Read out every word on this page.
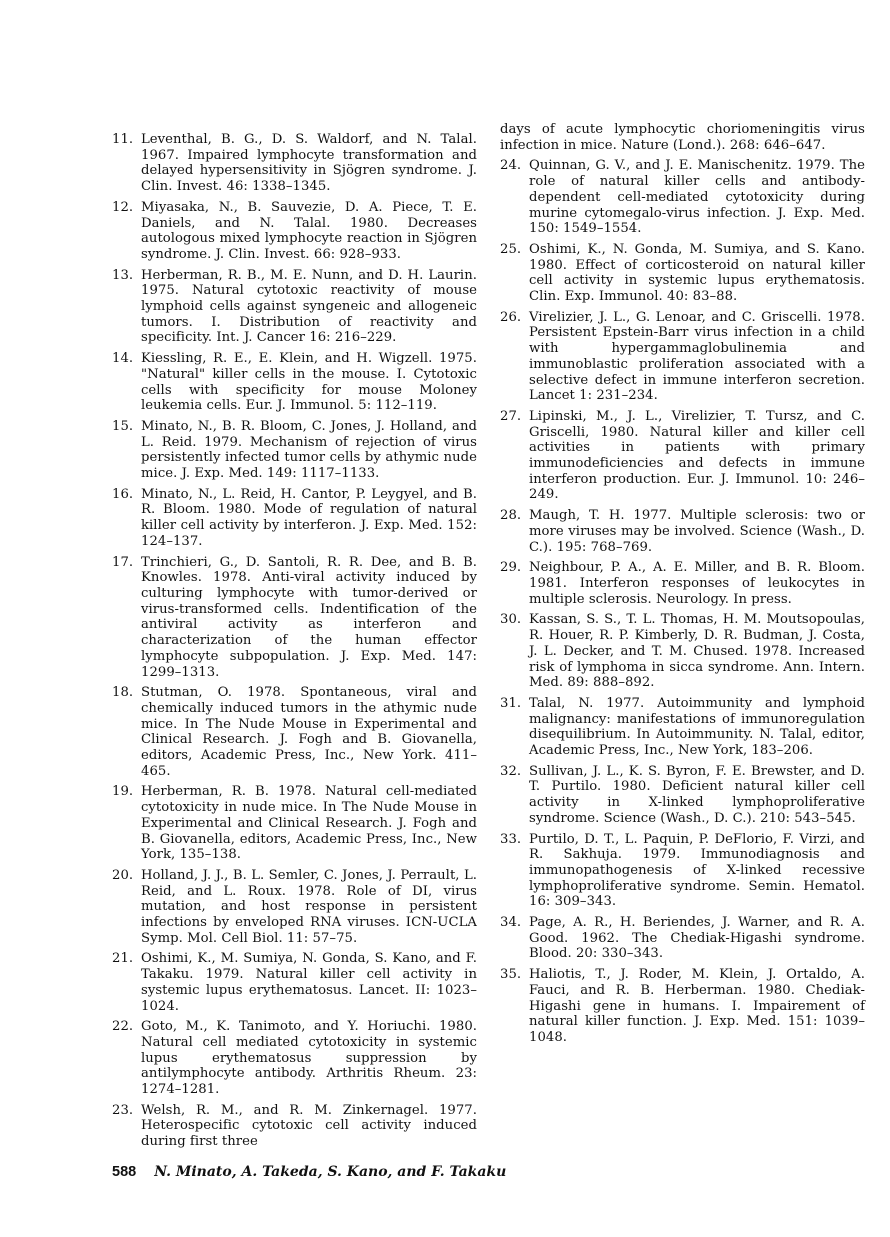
11. Leventhal, B. G., D. S. Waldorf, and N. Talal. 1967. Impaired lymphocyte transformation and delayed hypersensitivity in Sjögren syndrome. J. Clin. Invest. 46: 1338–1345.

12. Miyasaka, N., B. Sauvezie, D. A. Piece, T. E. Daniels, and N. Talal. 1980. Decreases autologous mixed lymphocyte reaction in Sjögren syndrome. J. Clin. Invest. 66: 928–933.

13. Herberman, R. B., M. E. Nunn, and D. H. Laurin. 1975. Natural cytotoxic reactivity of mouse lymphoid cells against syngeneic and allogeneic tumors. I. Distribution of reactivity and specificity. Int. J. Cancer 16: 216–229.

14. Kiessling, R. E., E. Klein, and H. Wigzell. 1975. "Natural" killer cells in the mouse. I. Cytotoxic cells with specificity for mouse Moloney leukemia cells. Eur. J. Immunol. 5: 112–119.

15. Minato, N., B. R. Bloom, C. Jones, J. Holland, and L. Reid. 1979. Mechanism of rejection of virus persistently infected tumor cells by athymic nude mice. J. Exp. Med. 149: 1117–1133.

16. Minato, N., L. Reid, H. Cantor, P. Leygyel, and B. R. Bloom. 1980. Mode of regulation of natural killer cell activity by interferon. J. Exp. Med. 152: 124–137.

17. Trinchieri, G., D. Santoli, R. R. Dee, and B. B. Knowles. 1978. Anti-viral activity induced by culturing lymphocyte with tumor-derived or virus-transformed cells. Indentification of the antiviral activity as interferon and characterization of the human effector lymphocyte subpopulation. J. Exp. Med. 147: 1299–1313.

18. Stutman, O. 1978. Spontaneous, viral and chemically induced tumors in the athymic nude mice. In The Nude Mouse in Experimental and Clinical Research. J. Fogh and B. Giovanella, editors, Academic Press, Inc., New York. 411–465.

19. Herberman, R. B. 1978. Natural cell-mediated cytotoxicity in nude mice. In The Nude Mouse in Experimental and Clinical Research. J. Fogh and B. Giovanella, editors, Academic Press, Inc., New York, 135–138.

20. Holland, J. J., B. L. Semler, C. Jones, J. Perrault, L. Reid, and L. Roux. 1978. Role of DI, virus mutation, and host response in persistent infections by enveloped RNA viruses. ICN-UCLA Symp. Mol. Cell Biol. 11: 57–75.

21. Oshimi, K., M. Sumiya, N. Gonda, S. Kano, and F. Takaku. 1979. Natural killer cell activity in systemic lupus erythematosus. Lancet. II: 1023–1024.

22. Goto, M., K. Tanimoto, and Y. Horiuchi. 1980. Natural cell mediated cytotoxicity in systemic lupus erythematosus suppression by antilymphocyte antibody. Arthritis Rheum. 23: 1274–1281.

23. Welsh, R. M., and R. M. Zinkernagel. 1977. Heterospecific cytotoxic cell activity induced during first three

days of acute lymphocytic choriomeningitis virus infection in mice. Nature (Lond.). 268: 646–647.

24. Quinnan, G. V., and J. E. Manischenitz. 1979. The role of natural killer cells and antibody-dependent cell-mediated cytotoxicity during murine cytomegalo-virus infection. J. Exp. Med. 150: 1549–1554.

25. Oshimi, K., N. Gonda, M. Sumiya, and S. Kano. 1980. Effect of corticosteroid on natural killer cell activity in systemic lupus erythematosis. Clin. Exp. Immunol. 40: 83–88.

26. Virelizier, J. L., G. Lenoar, and C. Griscelli. 1978. Persistent Epstein-Barr virus infection in a child with hypergammaglobulinemia and immunoblastic proliferation associated with a selective defect in immune interferon secretion. Lancet 1: 231–234.

27. Lipinski, M., J. L., Virelizier, T. Tursz, and C. Griscelli, 1980. Natural killer and killer cell activities in patients with primary immunodeficiencies and defects in immune interferon production. Eur. J. Immunol. 10: 246–249.

28. Maugh, T. H. 1977. Multiple sclerosis: two or more viruses may be involved. Science (Wash., D. C.). 195: 768–769.

29. Neighbour, P. A., A. E. Miller, and B. R. Bloom. 1981. Interferon responses of leukocytes in multiple sclerosis. Neurology. In press.

30. Kassan, S. S., T. L. Thomas, H. M. Moutsopoulas, R. Houer, R. P. Kimberly, D. R. Budman, J. Costa, J. L. Decker, and T. M. Chused. 1978. Increased risk of lymphoma in sicca syndrome. Ann. Intern. Med. 89: 888–892.

31. Talal, N. 1977. Autoimmunity and lymphoid malignancy: manifestations of immunoregulation disequilibrium. In Autoimmunity. N. Talal, editor, Academic Press, Inc., New York, 183–206.

32. Sullivan, J. L., K. S. Byron, F. E. Brewster, and D. T. Purtilo. 1980. Deficient natural killer cell activity in X-linked lymphoproliferative syndrome. Science (Wash., D. C.). 210: 543–545.

33. Purtilo, D. T., L. Paquin, P. DeFlorio, F. Virzi, and R. Sakhuja. 1979. Immunodiagnosis and immunopathogenesis of X-linked recessive lymphoproliferative syndrome. Semin. Hematol. 16: 309–343.

34. Page, A. R., H. Beriendes, J. Warner, and R. A. Good. 1962. The Chediak-Higashi syndrome. Blood. 20: 330–343.

35. Haliotis, T., J. Roder, M. Klein, J. Ortaldo, A. Fauci, and R. B. Herberman. 1980. Chediak-Higashi gene in humans. I. Impairement of natural killer function. J. Exp. Med. 151: 1039–1048.

588 N. Minato, A. Takeda, S. Kano, and F. Takaku
